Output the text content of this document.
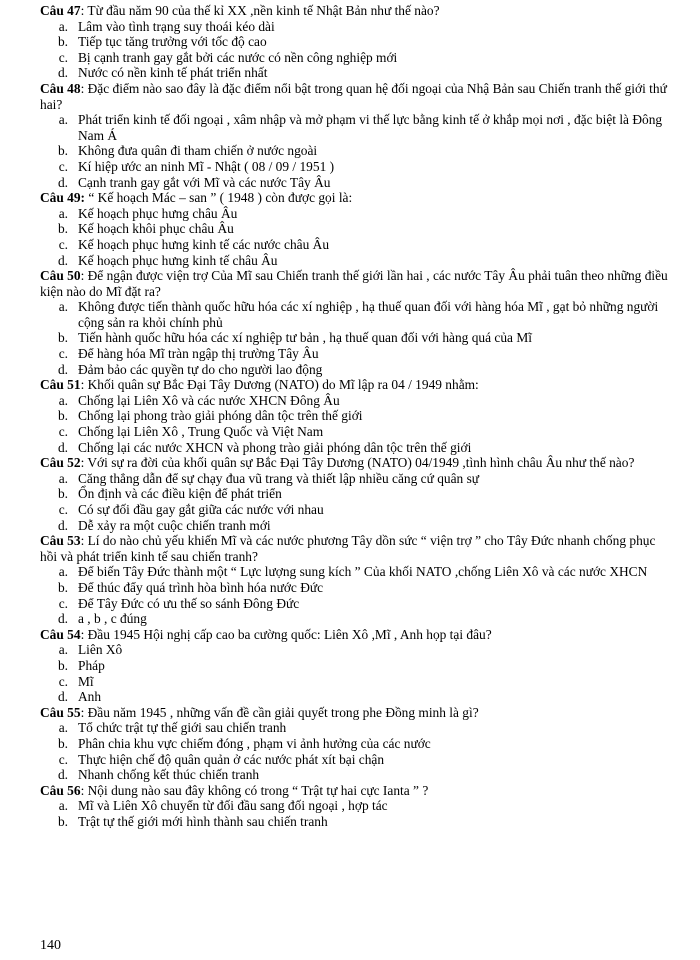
Câu 47: Từ đầu năm 90 của thế kỉ XX ,nền kinh tế Nhật Bản như thế nào?

a. Lâm vào tình trạng suy thoái kéo dài
b. Tiếp tục tăng trưởng với tốc độ cao
c. Bị cạnh tranh gay gắt bởi các nước có nền công nghiệp mới
d. Nước có nền kinh tế phát triển nhất

Câu 48: Đặc điểm nào sao đây là đặc điểm nổi bật trong quan hệ đối ngoại của Nhậ Bản sau Chiến tranh thế giới thứ hai?

a. Phát triển kinh tế đối ngoại , xâm nhập và mở phạm vi thế lực bằng kinh tế ở khắp mọi nơi , đặc biệt là Đông Nam Á
b. Không đưa quân đi tham chiến ở nước ngoài
c. Kí hiệp ước an ninh Mĩ - Nhật ( 08 / 09 / 1951 )
d. Cạnh tranh gay gắt với Mĩ và các nước Tây Âu

Câu 49: “ Kế hoạch Mác – san ” ( 1948 ) còn được gọi là:

a. Kế hoạch phục hưng châu Âu
b. Kế hoạch khôi phục châu Âu
c. Kế hoạch phục hưng kinh tế các nước châu Âu
d. Kế hoạch phục hưng kinh tế châu Âu

Câu 50: Để ngận được viện trợ Của Mĩ sau Chiến tranh thế giới lần hai , các nước Tây Âu phải tuân theo những điều kiện nào do Mĩ đặt ra?

a. Không được tiến thành quốc hữu hóa các xí nghiệp , hạ thuế quan đối với hàng hóa Mĩ , gạt bỏ những người cộng sản ra khỏi chính phủ
b. Tiến hành quốc hữu hóa các xí nghiệp tư bản , hạ thuế quan đối với hàng quá của Mĩ
c. Để hàng hóa Mĩ tràn ngập thị trường Tây Âu
d. Đảm bảo các quyền tự do cho người lao động

Câu 51: Khối quân sự Bắc Đại Tây Dương (NATO) do Mĩ lập ra 04 / 1949 nhằm:

a. Chống lại Liên Xô và các nước XHCN Đông Âu
b. Chống lại phong trào giải phóng dân tộc trên thế giới
c. Chống lại Liên Xô , Trung Quốc và Việt Nam
d. Chống lại các nước XHCN và phong trào giải phóng dân tộc trên thế giới

Câu 52: Với sự ra đời của khối quân sự Bắc Đại Tây Dương (NATO) 04/1949 ,tình hình châu Âu như thế nào?

a. Căng thẳng dẫn để sự chạy đua vũ trang và thiết lập nhiều căng cứ quân sự
b. Ổn định và các điều kiện để phát triển
c. Có sự đối đầu gay gắt giữa các nước với nhau
d. Dễ xảy ra một cuộc chiến tranh mới

Câu 53: Lí do nào chủ yếu khiến Mĩ và các nước phương Tây dồn sức “ viện trợ ” cho Tây Đức nhanh chống phục hồi và phát triển kinh tế sau chiến tranh?

a. Để biến Tây Đức thành một “ Lực lượng sung kích ” Của khối NATO ,chống Liên Xô và các nước XHCN
b. Để thúc đẩy quá trình hòa bình hóa nước Đức
c. Để Tây Đức có ưu thế so sánh Đông Đức
d. a , b , c đúng

Câu 54: Đầu 1945 Hội nghị cấp cao ba cường quốc: Liên Xô ,Mĩ , Anh họp tại đâu?

a. Liên Xô
b. Pháp
c. Mĩ
d. Anh

Câu 55: Đầu năm 1945 , những vấn đề cần giải quyết trong phe Đồng minh là gì?

a. Tổ chức trật tự thế giới sau chiến tranh
b. Phân chia khu vực chiếm đóng , phạm vi ảnh hưởng của các nước
c. Thực hiện chế độ quân quản ở các nước phát xít bại chận
d. Nhanh chống kết thúc chiến tranh

Câu 56: Nội dung nào sau đây không có trong “ Trật tự hai cực Ianta ” ?

a. Mĩ và Liên Xô chuyển từ đối đầu sang đối ngoại , hợp tác
b. Trật tự thế giới mới hình thành sau chiến tranh
140
